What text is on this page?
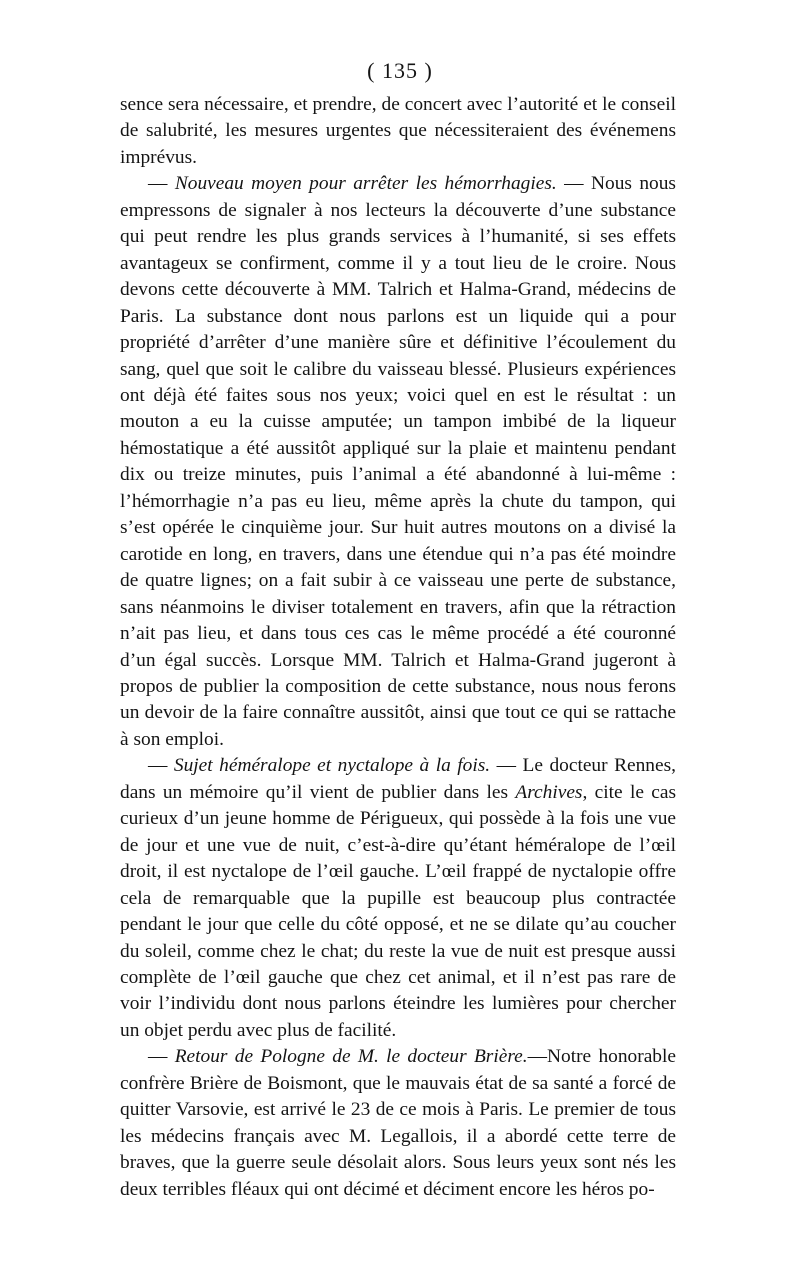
( 135 )

sence sera nécessaire, et prendre, de concert avec l’autorité et le conseil de salubrité, les mesures urgentes que nécessiteraient des événemens imprévus.

— Nouveau moyen pour arrêter les hémorrhagies. — Nous nous empressons de signaler à nos lecteurs la découverte d’une substance qui peut rendre les plus grands services à l’humanité, si ses effets avantageux se confirment, comme il y a tout lieu de le croire. Nous devons cette découverte à MM. Talrich et Halma-Grand, médecins de Paris. La substance dont nous parlons est un liquide qui a pour propriété d’arrêter d’une manière sûre et définitive l’écoulement du sang, quel que soit le calibre du vaisseau blessé. Plusieurs expériences ont déjà été faites sous nos yeux; voici quel en est le résultat : un mouton a eu la cuisse amputée; un tampon imbibé de la liqueur hémostatique a été aussitôt appliqué sur la plaie et maintenu pendant dix ou treize minutes, puis l’animal a été abandonné à lui-même : l’hémorrhagie n’a pas eu lieu, même après la chute du tampon, qui s’est opérée le cinquième jour. Sur huit autres moutons on a divisé la carotide en long, en travers, dans une étendue qui n’a pas été moindre de quatre lignes; on a fait subir à ce vaisseau une perte de substance, sans néanmoins le diviser totalement en travers, afin que la rétraction n’ait pas lieu, et dans tous ces cas le même procédé a été couronné d’un égal succès. Lorsque MM. Talrich et Halma-Grand jugeront à propos de publier la composition de cette substance, nous nous ferons un devoir de la faire connaître aussitôt, ainsi que tout ce qui se rattache à son emploi.

— Sujet héméralope et nyctalope à la fois. — Le docteur Rennes, dans un mémoire qu’il vient de publier dans les Archives, cite le cas curieux d’un jeune homme de Périgueux, qui possède à la fois une vue de jour et une vue de nuit, c’est-à-dire qu’étant héméralope de l’œil droit, il est nyctalope de l’œil gauche. L’œil frappé de nyctalopie offre cela de remarquable que la pupille est beaucoup plus contractée pendant le jour que celle du côté opposé, et ne se dilate qu’au coucher du soleil, comme chez le chat; du reste la vue de nuit est presque aussi complète de l’œil gauche que chez cet animal, et il n’est pas rare de voir l’individu dont nous parlons éteindre les lumières pour chercher un objet perdu avec plus de facilité.

— Retour de Pologne de M. le docteur Brière.—Notre honorable confrère Brière de Boismont, que le mauvais état de sa santé a forcé de quitter Varsovie, est arrivé le 23 de ce mois à Paris. Le premier de tous les médecins français avec M. Legallois, il a abordé cette terre de braves, que la guerre seule désolait alors. Sous leurs yeux sont nés les deux terribles fléaux qui ont décimé et déciment encore les héros po-
